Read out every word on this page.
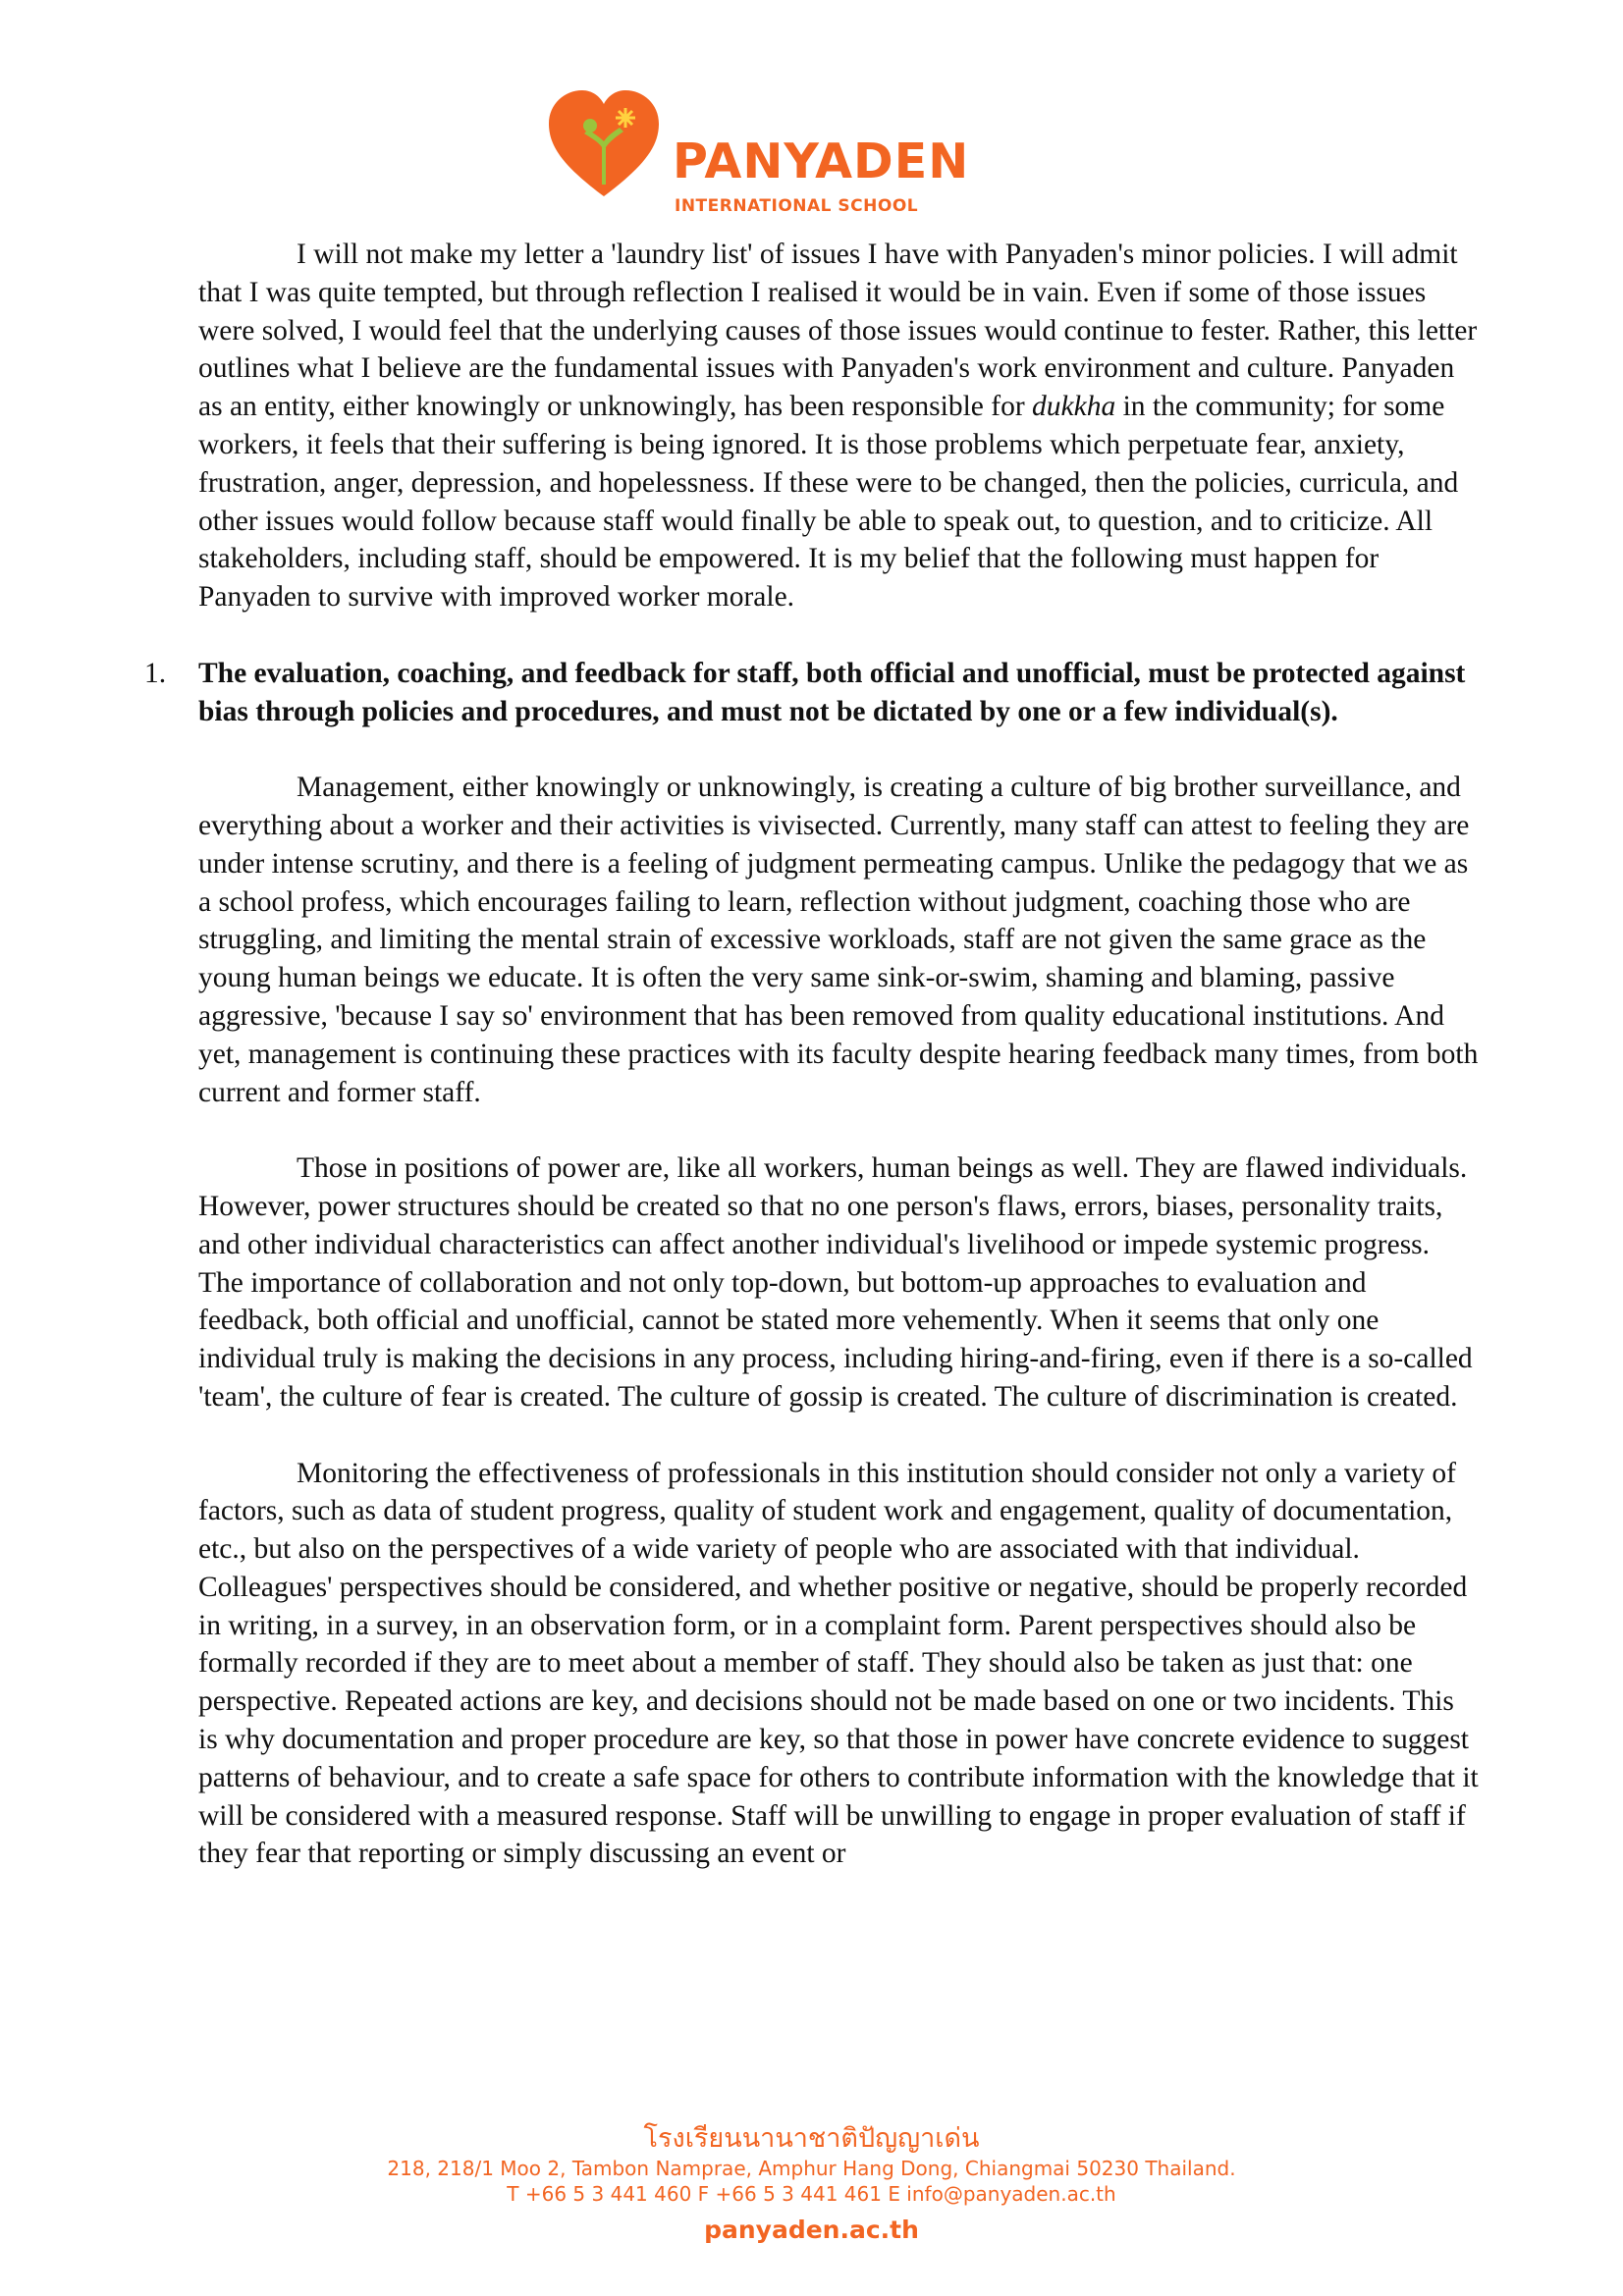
PANYADEN
INTERNATIONAL SCHOOL

I will not make my letter a 'laundry list' of issues I have with Panyaden's minor policies. I will admit that I was quite tempted, but through reflection I realised it would be in vain. Even if some of those issues were solved, I would feel that the underlying causes of those issues would continue to fester. Rather, this letter outlines what I believe are the fundamental issues with Panyaden's work environment and culture. Panyaden as an entity, either knowingly or unknowingly, has been responsible for dukkha in the community; for some workers, it feels that their suffering is being ignored. It is those problems which perpetuate fear, anxiety, frustration, anger, depression, and hopelessness. If these were to be changed, then the policies, curricula, and other issues would follow because staff would finally be able to speak out, to question, and to criticize. All stakeholders, including staff, should be empowered. It is my belief that the following must happen for Panyaden to survive with improved worker morale.

1. The evaluation, coaching, and feedback for staff, both official and unofficial, must be protected against bias through policies and procedures, and must not be dictated by one or a few individual(s).

Management, either knowingly or unknowingly, is creating a culture of big brother surveillance, and everything about a worker and their activities is vivisected. Currently, many staff can attest to feeling they are under intense scrutiny, and there is a feeling of judgment permeating campus. Unlike the pedagogy that we as a school profess, which encourages failing to learn, reflection without judgment, coaching those who are struggling, and limiting the mental strain of excessive workloads, staff are not given the same grace as the young human beings we educate. It is often the very same sink-or-swim, shaming and blaming, passive aggressive, 'because I say so' environment that has been removed from quality educational institutions. And yet, management is continuing these practices with its faculty despite hearing feedback many times, from both current and former staff.

Those in positions of power are, like all workers, human beings as well. They are flawed individuals. However, power structures should be created so that no one person's flaws, errors, biases, personality traits, and other individual characteristics can affect another individual's livelihood or impede systemic progress. The importance of collaboration and not only top-down, but bottom-up approaches to evaluation and feedback, both official and unofficial, cannot be stated more vehemently. When it seems that only one individual truly is making the decisions in any process, including hiring-and-firing, even if there is a so-called 'team', the culture of fear is created. The culture of gossip is created. The culture of discrimination is created.

Monitoring the effectiveness of professionals in this institution should consider not only a variety of factors, such as data of student progress, quality of student work and engagement, quality of documentation, etc., but also on the perspectives of a wide variety of people who are associated with that individual. Colleagues' perspectives should be considered, and whether positive or negative, should be properly recorded in writing, in a survey, in an observation form, or in a complaint form. Parent perspectives should also be formally recorded if they are to meet about a member of staff. They should also be taken as just that: one perspective. Repeated actions are key, and decisions should not be made based on one or two incidents. This is why documentation and proper procedure are key, so that those in power have concrete evidence to suggest patterns of behaviour, and to create a safe space for others to contribute information with the knowledge that it will be considered with a measured response. Staff will be unwilling to engage in proper evaluation of staff if they fear that reporting or simply discussing an event or

โรงเรียนนานาชาติปัญญาเด่น
218, 218/1 Moo 2, Tambon Namprae, Amphur Hang Dong, Chiangmai 50230 Thailand.
T +66 5 3 441 460 F +66 5 3 441 461 E info@panyaden.ac.th
panyaden.ac.th
